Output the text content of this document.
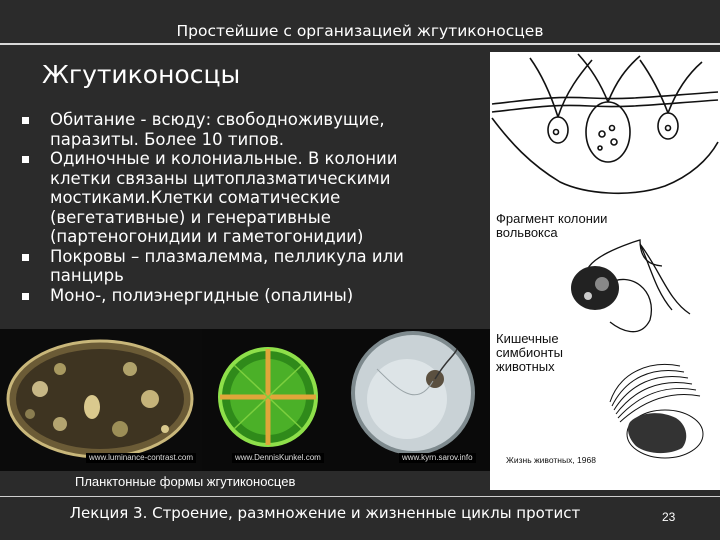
Простейшие с организацией жгутиконосцев
Жгутиконосцы
Обитание - всюду: свободноживущие, паразиты. Более 10 типов.
Одиночные и колониальные. В колонии клетки связаны цитоплазматическими мостиками.Клетки соматические (вегетативные) и генеративные (партеногонидии и гаметогонидии)
Покровы – плазмалемма, пелликула или панцирь
Моно-, полиэнергидные (опалины)
Фрагмент колонии вольвокса
Кишечные симбионты животных
Жизнь животных, 1968
www.luminance-contrast.com	www.DennisKunkel.com	www.kyrn.sarov.info
Планктонные формы жгутиконосцев
Лекция 3. Строение, размножение и жизненные циклы протист	23
